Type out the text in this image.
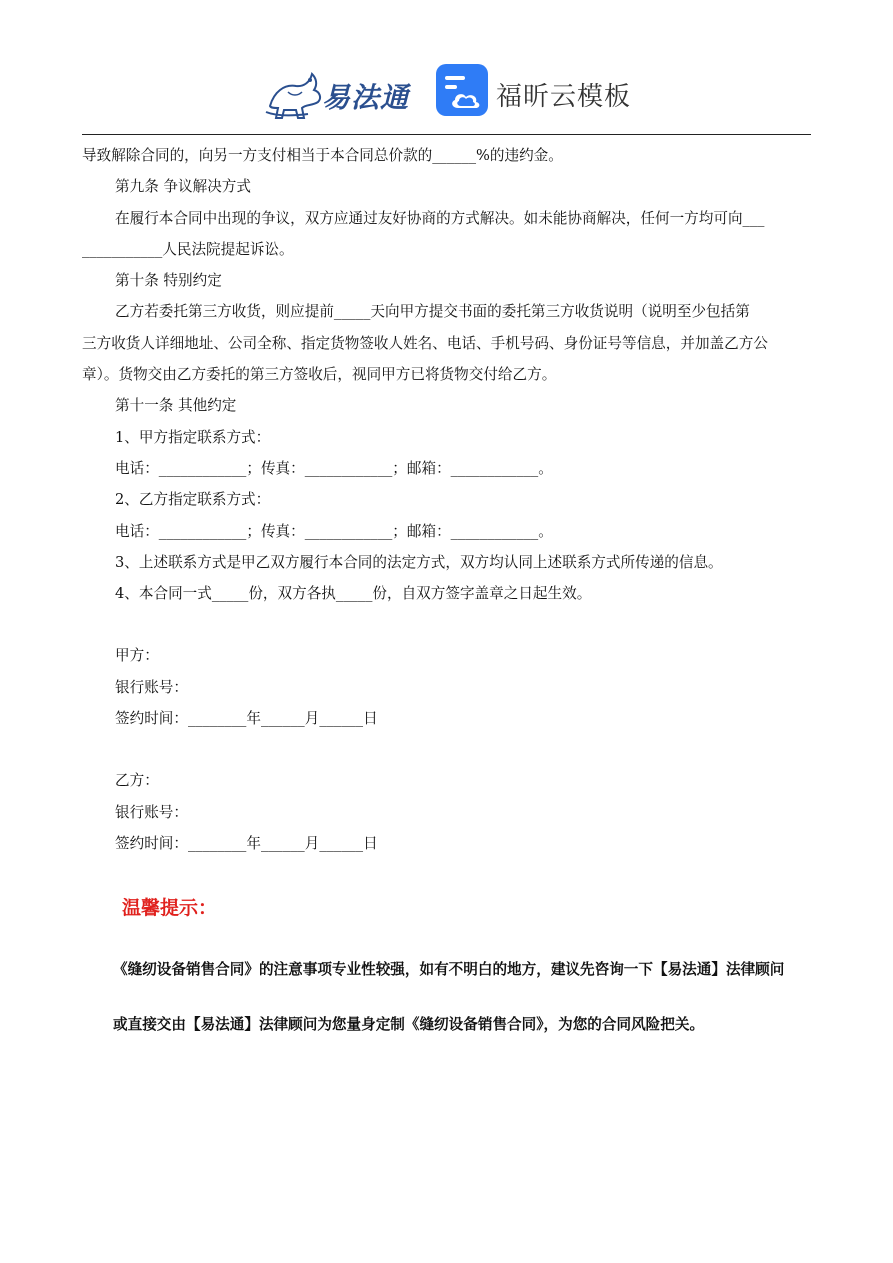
易法通	福昕云模板
导致解除合同的，向另一方支付相当于本合同总价款的______%的违约金。
第九条 争议解决方式
在履行本合同中出现的争议，双方应通过友好协商的方式解决。如未能协商解决，任何一方均可向___
___________人民法院提起诉讼。
第十条 特别约定
乙方若委托第三方收货，则应提前_____天向甲方提交书面的委托第三方收货说明（说明至少包括第
三方收货人详细地址、公司全称、指定货物签收人姓名、电话、手机号码、身份证号等信息，并加盖乙方公
章）。货物交由乙方委托的第三方签收后，视同甲方已将货物交付给乙方。
第十一条 其他约定
1、甲方指定联系方式：
电话：____________；传真：____________；邮箱：____________。
2、乙方指定联系方式：
电话：____________；传真：____________；邮箱：____________。
3、上述联系方式是甲乙双方履行本合同的法定方式，双方均认同上述联系方式所传递的信息。
4、本合同一式_____份，双方各执_____份，自双方签字盖章之日起生效。
甲方：
银行账号：
签约时间：________年______月______日
乙方：
银行账号：
签约时间：________年______月______日
温馨提示：
《缝纫设备销售合同》的注意事项专业性较强，如有不明白的地方，建议先咨询一下【易法通】法律顾问
或直接交由【易法通】法律顾问为您量身定制《缝纫设备销售合同》，为您的合同风险把关。
